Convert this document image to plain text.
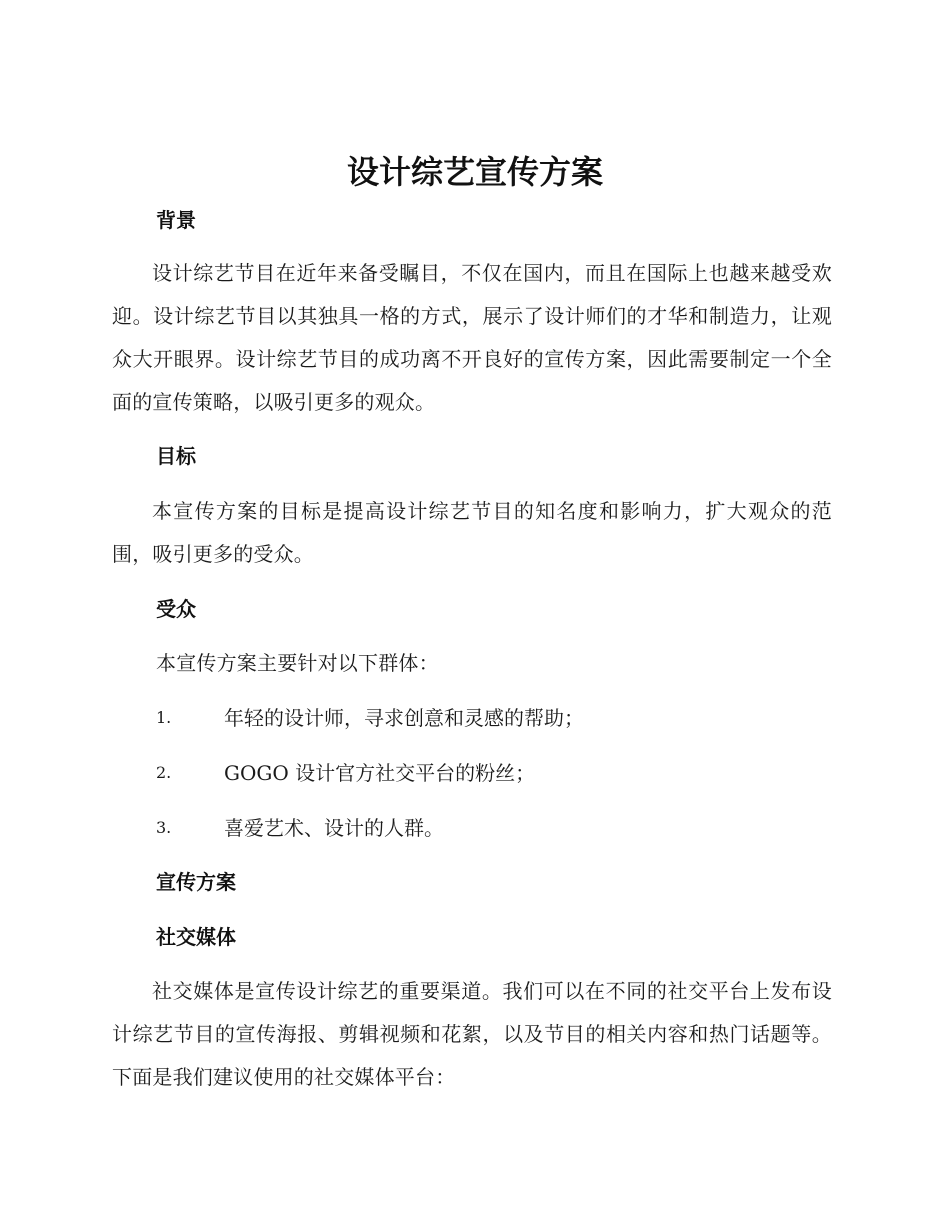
设计综艺宣传方案
背景

设计综艺节目在近年来备受瞩目，不仅在国内，而且在国际上也越来越受欢迎。设计综艺节目以其独具一格的方式，展示了设计师们的才华和制造力，让观众大开眼界。设计综艺节目的成功离不开良好的宣传方案，因此需要制定一个全面的宣传策略，以吸引更多的观众。

目标

本宣传方案的目标是提高设计综艺节目的知名度和影响力，扩大观众的范围，吸引更多的受众。

受众

本宣传方案主要针对以下群体：

1.	年轻的设计师，寻求创意和灵感的帮助；
2.	GOGO 设计官方社交平台的粉丝；
3.	喜爱艺术、设计的人群。
宣传方案
社交媒体

社交媒体是宣传设计综艺的重要渠道。我们可以在不同的社交平台上发布设计综艺节目的宣传海报、剪辑视频和花絮，以及节目的相关内容和热门话题等。下面是我们建议使用的社交媒体平台：
